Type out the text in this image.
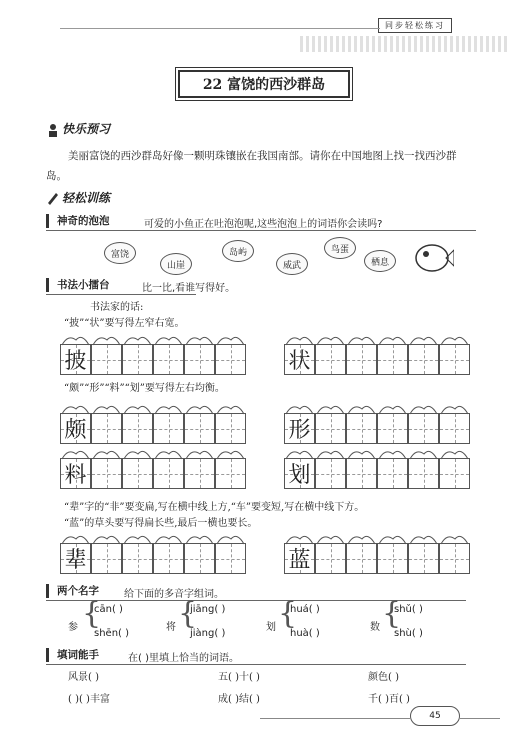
同步轻松练习
22 富饶的西沙群岛
快乐预习
美丽富饶的西沙群岛好像一颗明珠镶嵌在我国南部。请你在中国地图上找一找西沙群岛。
轻松训练
神奇的泡泡	可爱的小鱼正在吐泡泡呢,这些泡泡上的词语你会读吗?
富饶
山崖
岛屿
威武
鸟蛋
栖息
书法小擂台	比一比,看谁写得好。
书法家的话:
“披”“状”要写得左窄右宽。
披	状
颇	形
料	划
辈	蓝
“颇”“形”“料”“划”要写得左右均衡。
“辈”字的“非”要变扁,写在横中线上方,“车”要变短,写在横中线下方。
“蓝”的草头要写得扁长些,最后一横也要长。
两个名字	给下面的多音字组词。
参 {
cān( )
shēn( )
将 {
jiāng( )
jiàng( )
划 {
huá( )
huà( )
数 {
shǔ( )
shù( )
填词能手	在( )里填上恰当的词语。
风景( )	五( )十( )	颜色( )
( )( )丰富	成( )结( )	千( )百( )
45
